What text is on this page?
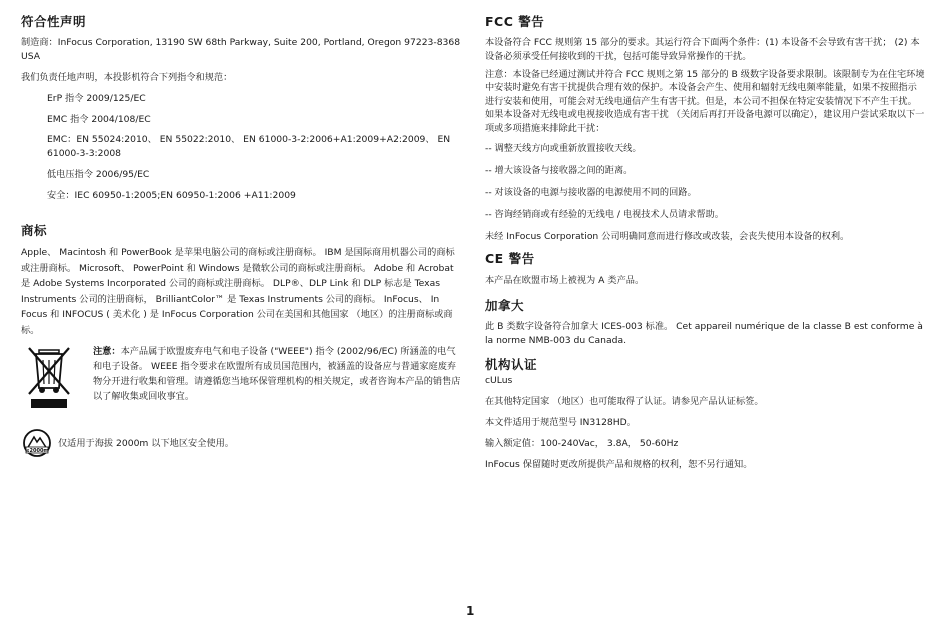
符合性声明

制造商：InFocus Corporation, 13190 SW 68th Parkway, Suite 200, Portland, Oregon 97223-8368 USA

我们负责任地声明，本投影机符合下列指令和规范：

ErP 指令 2009/125/EC

EMC 指令 2004/108/EC

EMC：EN 55024:2010、 EN 55022:2010、 EN 61000-3-2:2006+A1:2009+A2:2009、 EN 61000-3-3:2008

低电压指令 2006/95/EC

安全：IEC 60950-1:2005;EN 60950-1:2006 +A11:2009

商标

Apple、 Macintosh 和 PowerBook 是苹果电脑公司的商标或注册商标。 IBM 是国际商用机器公司的商标或注册商标。 Microsoft、 PowerPoint 和 Windows 是微软公司的商标或注册商标。 Adobe 和 Acrobat 是 Adobe Systems Incorporated 公司的商标或注册商标。 DLP®、DLP Link 和 DLP 标志是 Texas Instruments 公司的注册商标， BrilliantColor™ 是 Texas Instruments 公司的商标。 InFocus、 In Focus 和 INFOCUS ( 美术化 ) 是 InFocus Corporation 公司在美国和其他国家 （地区）的注册商标或商标。

注意：本产品属于欧盟废弃电气和电子设备 ("WEEE") 指令 (2002/96/EC) 所涵盖的电气和电子设备。 WEEE 指令要求在欧盟所有成员国范围内，被涵盖的设备应与普通家庭废弃物分开进行收集和管理。请遵循您当地环保管理机构的相关规定，或者咨询本产品的销售店以了解收集或回收事宜。

≤2000m

仅适用于海拔 2000m 以下地区安全使用。

FCC 警告

本设备符合 FCC 规则第 15 部分的要求。其运行符合下面两个条件：(1) 本设备不会导致有害干扰； (2) 本设备必须承受任何接收到的干扰，包括可能导致异常操作的干扰。

注意：本设备已经通过测试并符合 FCC 规则之第 15 部分的 B 级数字设备要求限制。该限制专为在住宅环境中安装时避免有害干扰提供合理有效的保护。本设备会产生、使用和辐射无线电频率能量，如果不按照指示进行安装和使用，可能会对无线电通信产生有害干扰。但是，本公司不担保在特定安装情况下不产生干扰。如果本设备对无线电或电视接收造成有害干扰 （关闭后再打开设备电源可以确定），建议用户尝试采取以下一项或多项措施来排除此干扰：

-- 调整天线方向或重新放置接收天线。

-- 增大该设备与接收器之间的距离。

-- 对该设备的电源与接收器的电源使用不同的回路。

-- 咨询经销商或有经验的无线电 / 电视技术人员请求帮助。

未经 InFocus Corporation 公司明确同意而进行修改或改装，会丧失使用本设备的权利。

CE 警告

本产品在欧盟市场上被视为 A 类产品。

加拿大

此 B 类数字设备符合加拿大 ICES-003 标准。 Cet appareil numérique de la classe B est conforme à la norme NMB-003 du Canada.

机构认证

cULus

在其他特定国家 （地区）也可能取得了认证。请参见产品认证标签。

本文件适用于规范型号 IN3128HD。

输入额定值：100-240Vac， 3.8A， 50-60Hz

InFocus 保留随时更改所提供产品和规格的权利，恕不另行通知。

1
